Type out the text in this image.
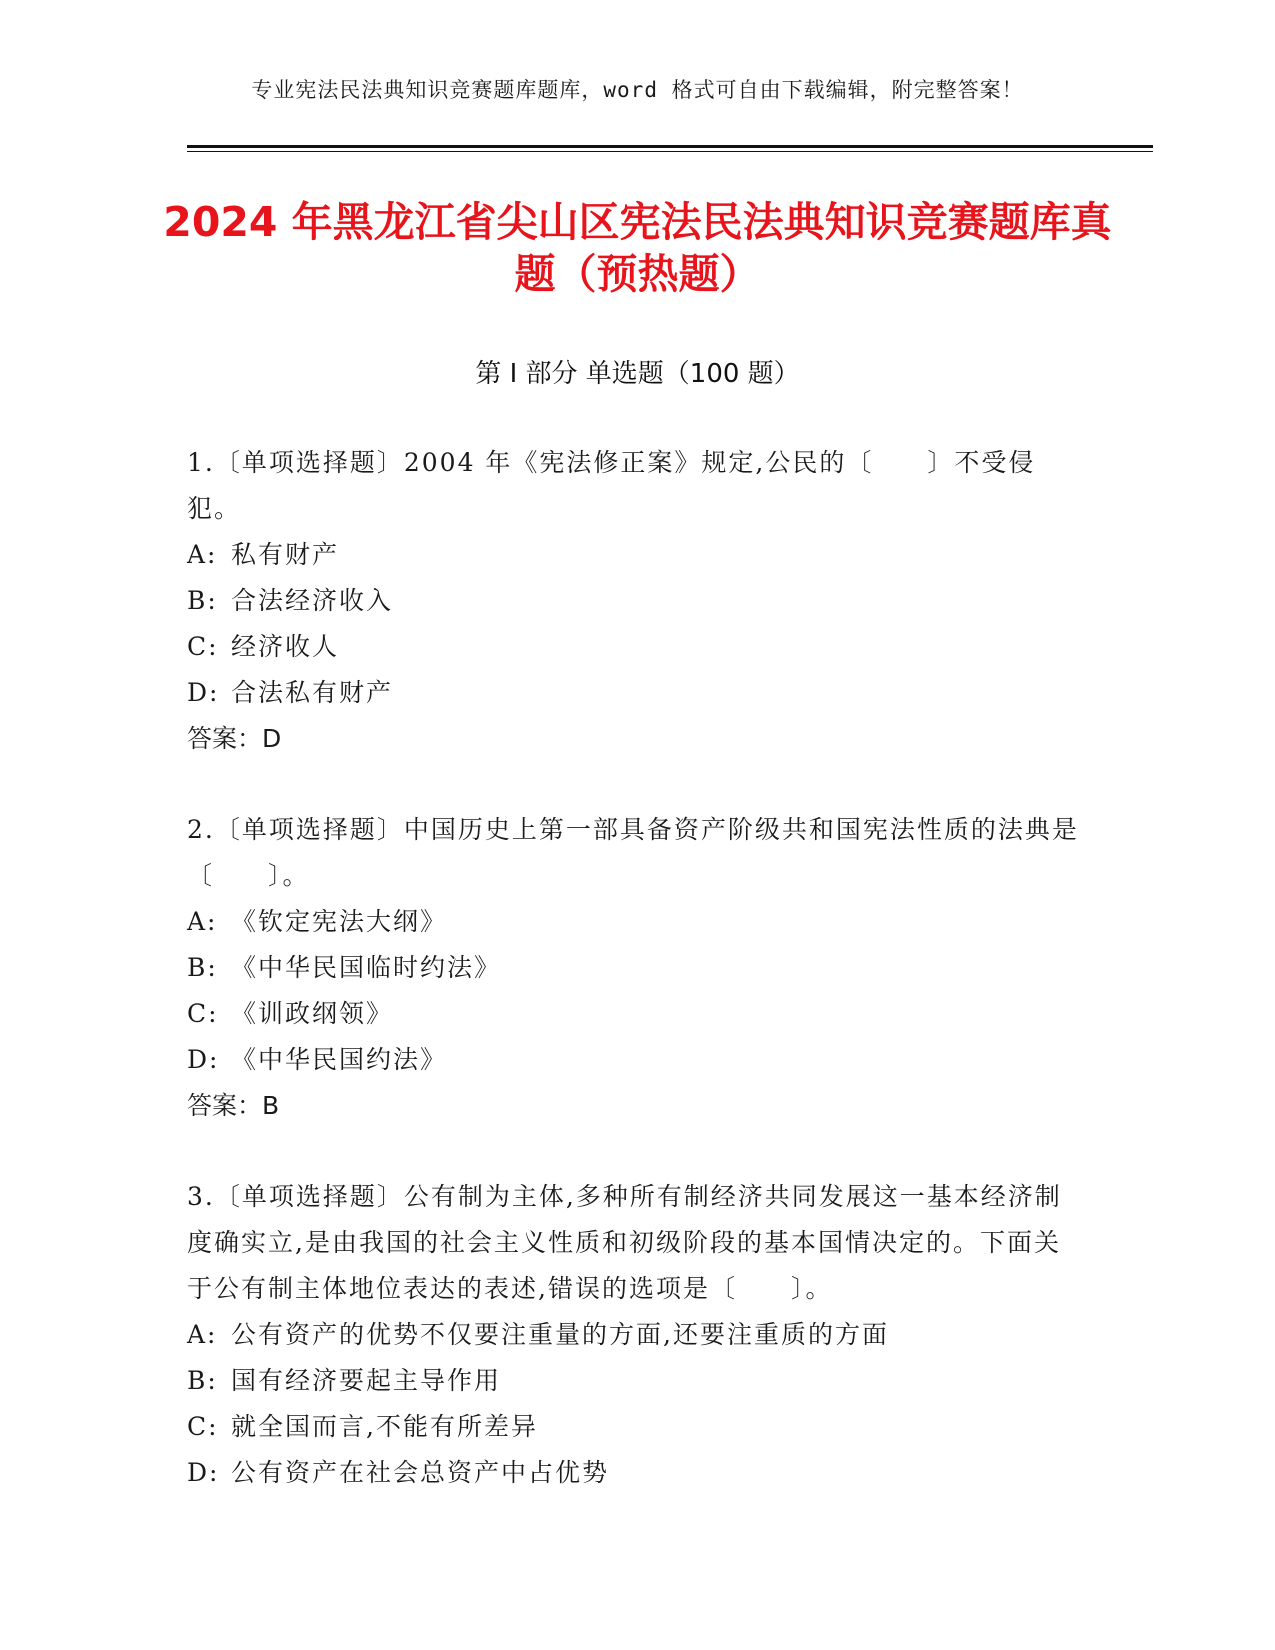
专业宪法民法典知识竞赛题库题库，word 格式可自由下载编辑，附完整答案！
2024 年黑龙江省尖山区宪法民法典知识竞赛题库真题（预热题）
第 I 部分 单选题（100 题）
1.〔单项选择题〕2004 年《宪法修正案》规定,公民的〔　　〕不受侵犯。
A: 私有财产
B: 合法经济收入
C: 经济收人
D: 合法私有财产
答案：D
2.〔单项选择题〕中国历史上第一部具备资产阶级共和国宪法性质的法典是〔　　〕。
A: 《钦定宪法大纲》
B: 《中华民国临时约法》
C: 《训政纲领》
D: 《中华民国约法》
答案：B
3.〔单项选择题〕公有制为主体,多种所有制经济共同发展这一基本经济制度确实立,是由我国的社会主义性质和初级阶段的基本国情决定的。下面关于公有制主体地位表达的表述,错误的选项是〔　　〕。
A: 公有资产的优势不仅要注重量的方面,还要注重质的方面
B: 国有经济要起主导作用
C: 就全国而言,不能有所差异
D: 公有资产在社会总资产中占优势
